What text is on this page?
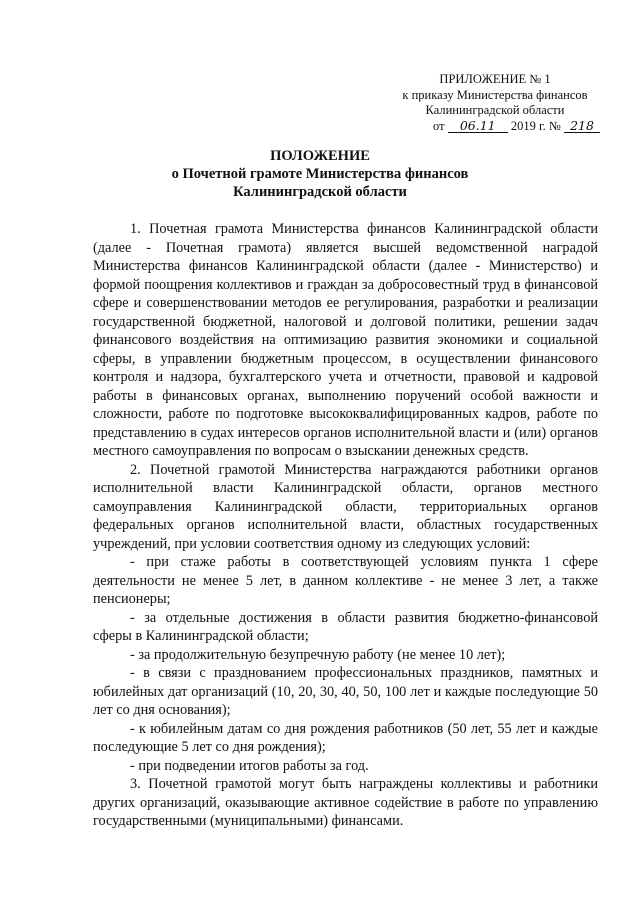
ПРИЛОЖЕНИЕ № 1
к приказу Министерства финансов
Калининградской области
от 06.11 2019 г. № 218
ПОЛОЖЕНИЕ
о Почетной грамоте Министерства финансов
Калининградской области

1. Почетная грамота Министерства финансов Калининградской области (далее - Почетная грамота) является высшей ведомственной наградой Министерства финансов Калининградской области (далее - Министерство) и формой поощрения коллективов и граждан за добросовестный труд в финансовой сфере и совершенствовании методов ее регулирования, разработки и реализации государственной бюджетной, налоговой и долговой политики, решении задач финансового воздействия на оптимизацию развития экономики и социальной сферы, в управлении бюджетным процессом, в осуществлении финансового контроля и надзора, бухгалтерского учета и отчетности, правовой и кадровой работы в финансовых органах, выполнению поручений особой важности и сложности, работе по подготовке высококвалифицированных кадров, работе по представлению в судах интересов органов исполнительной власти и (или) органов местного самоуправления по вопросам о взыскании денежных средств.

2. Почетной грамотой Министерства награждаются работники органов исполнительной власти Калининградской области, органов местного самоуправления Калининградской области, территориальных органов федеральных органов исполнительной власти, областных государственных учреждений, при условии соответствия одному из следующих условий:

- при стаже работы в соответствующей условиям пункта 1 сфере деятельности не менее 5 лет, в данном коллективе - не менее 3 лет, а также пенсионеры;

- за отдельные достижения в области развития бюджетно-финансовой сферы в Калининградской области;

- за продолжительную безупречную работу (не менее 10 лет);

- в связи с празднованием профессиональных праздников, памятных и юбилейных дат организаций (10, 20, 30, 40, 50, 100 лет и каждые последующие 50 лет со дня основания);

- к юбилейным датам со дня рождения работников (50 лет, 55 лет и каждые последующие 5 лет со дня рождения);

- при подведении итогов работы за год.

3. Почетной грамотой могут быть награждены коллективы и работники других организаций, оказывающие активное содействие в работе по управлению государственными (муниципальными) финансами.
